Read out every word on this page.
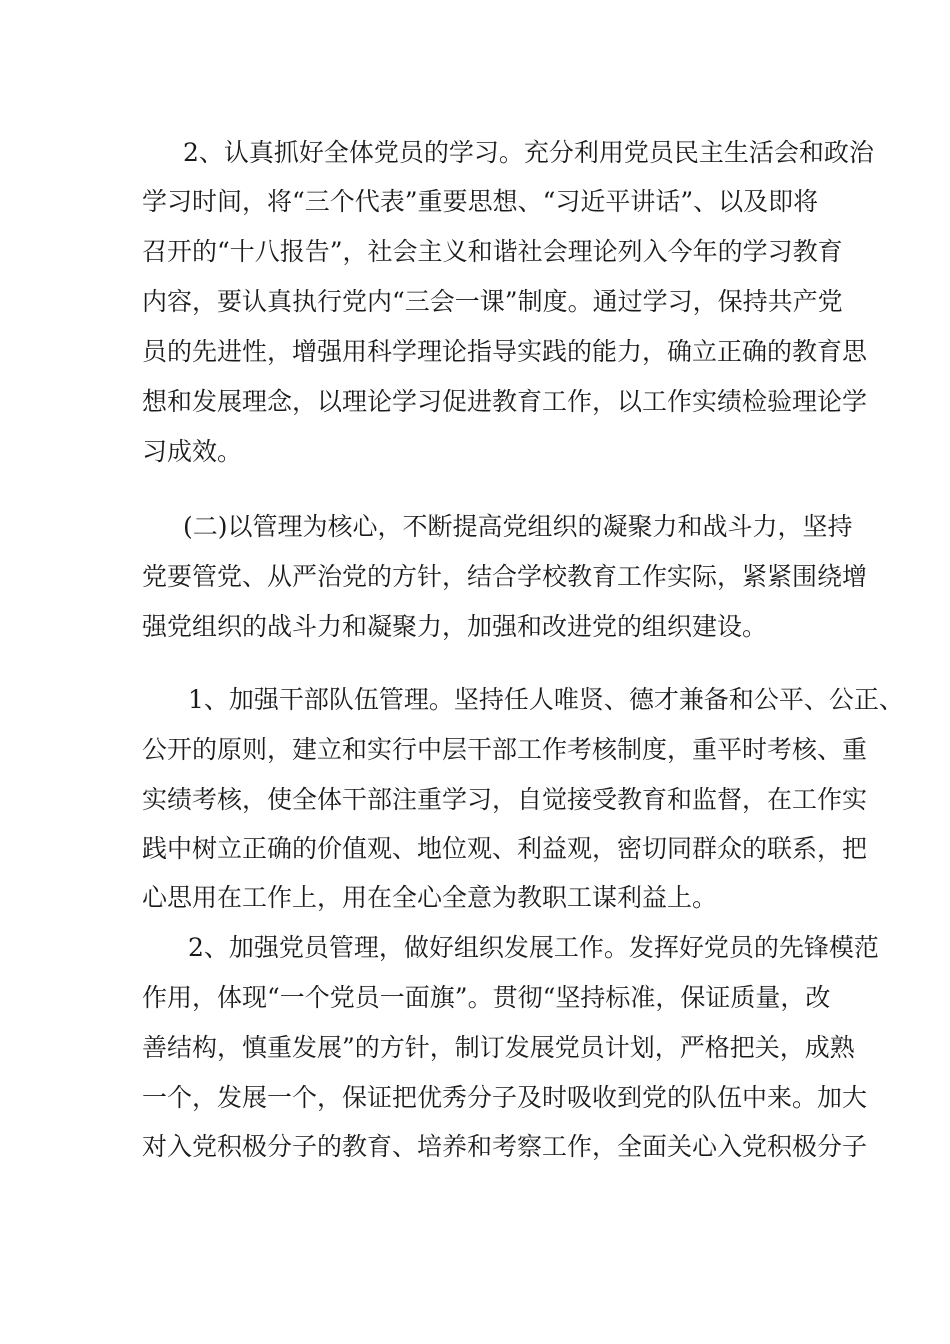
2、认真抓好全体党员的学习。充分利用党员民主生活会和政治
学习时间，将“三个代表”重要思想、“习近平讲话”、以及即将
召开的“十八报告”，社会主义和谐社会理论列入今年的学习教育
内容，要认真执行党内“三会一课”制度。通过学习，保持共产党
员的先进性，增强用科学理论指导实践的能力，确立正确的教育思
想和发展理念，以理论学习促进教育工作，以工作实绩检验理论学
习成效。
(二)以管理为核心，不断提高党组织的凝聚力和战斗力，坚持
党要管党、从严治党的方针，结合学校教育工作实际，紧紧围绕增
强党组织的战斗力和凝聚力，加强和改进党的组织建设。
1、加强干部队伍管理。坚持任人唯贤、德才兼备和公平、公正、
公开的原则，建立和实行中层干部工作考核制度，重平时考核、重
实绩考核，使全体干部注重学习，自觉接受教育和监督，在工作实
践中树立正确的价值观、地位观、利益观，密切同群众的联系，把
心思用在工作上，用在全心全意为教职工谋利益上。
2、加强党员管理，做好组织发展工作。发挥好党员的先锋模范
作用，体现“一个党员一面旗”。贯彻“坚持标准，保证质量，改
善结构，慎重发展”的方针，制订发展党员计划，严格把关，成熟
一个，发展一个，保证把优秀分子及时吸收到党的队伍中来。加大
对入党积极分子的教育、培养和考察工作，全面关心入党积极分子
